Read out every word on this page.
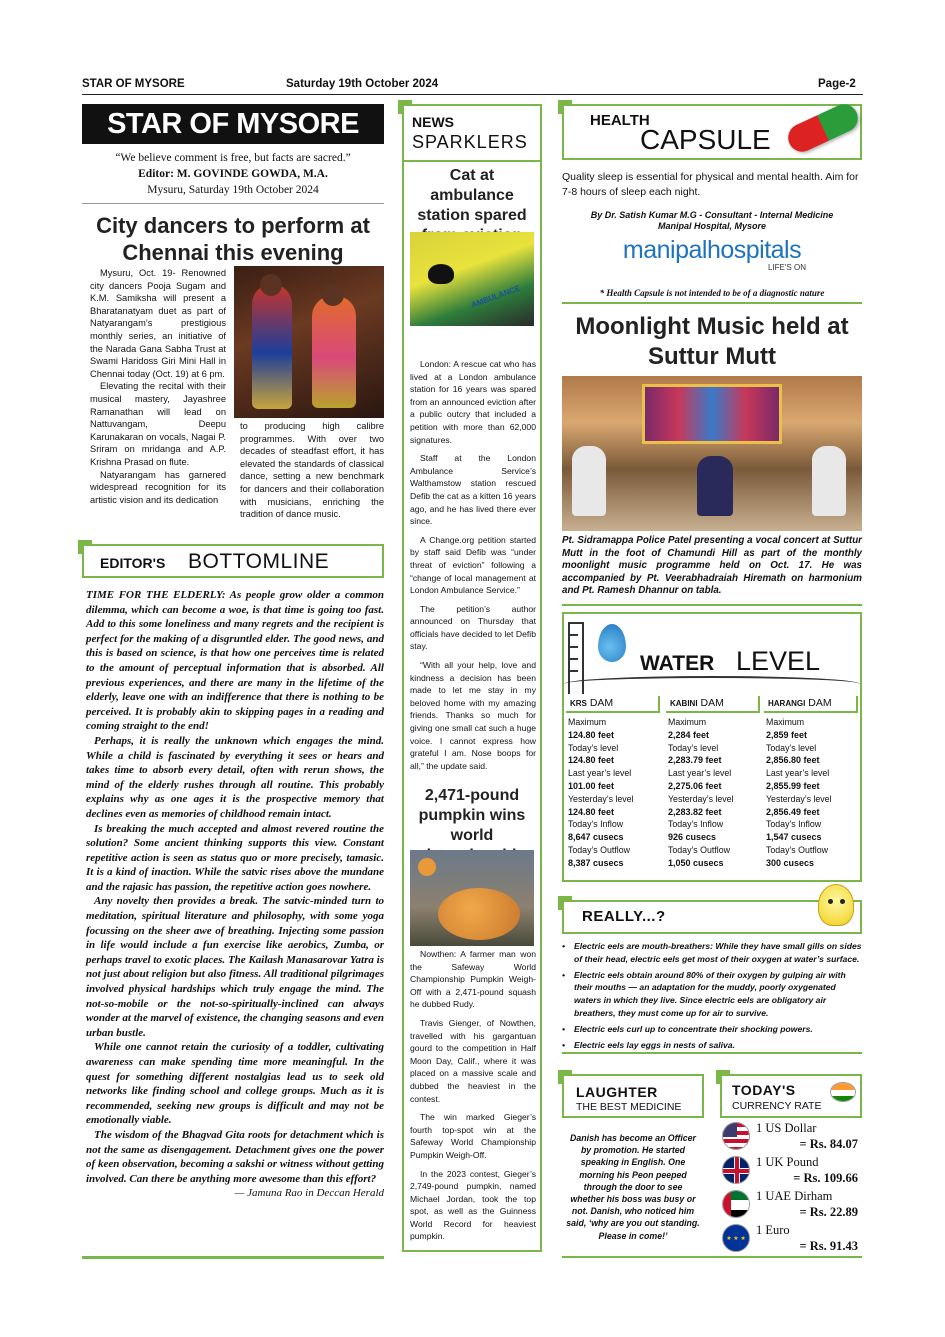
STAR OF MYSORE	Saturday 19th October 2024	Page-2
STAR OF MYSORE
“We believe comment is free, but facts are sacred.”
Editor: M. GOVINDE GOWDA, M.A.
Mysuru, Saturday 19th October 2024
City dancers to perform at Chennai this evening

Mysuru, Oct. 19- Renowned city dancers Pooja Sugam and K.M. Samiksha will present a Bharatanatyam duet as part of Natyarangam’s prestigious monthly series, an initiative of the Narada Gana Sabha Trust at Swami Haridoss Giri Mini Hall in Chennai today (Oct. 19) at 6 pm.

Elevating the recital with their musical mastery, Jayashree Ramanathan will lead on Nattuvangam, Deepu Karunakaran on vocals, Nagai P. Sriram on mridanga and A.P. Krishna Prasad on flute.

Natyarangam has garnered widespread recognition for its artistic vision and its dedication

to producing high calibre programmes. With over two decades of steadfast effort, it has elevated the standards of classical dance, setting a new benchmark for dancers and their collaboration with musicians, enriching the tradition of dance music.
EDITOR'S BOTTOMLINE

TIME FOR THE ELDERLY: As people grow older a common dilemma, which can become a woe, is that time is going too fast. Add to this some loneliness and many regrets and the recipient is perfect for the making of a disgruntled elder. The good news, and this is based on science, is that how one perceives time is related to the amount of perceptual information that is absorbed. All previous experiences, and there are many in the lifetime of the elderly, leave one with an indifference that there is nothing to be perceived. It is probably akin to skipping pages in a reading and coming straight to the end!

Perhaps, it is really the unknown which engages the mind. While a child is fascinated by everything it sees or hears and takes time to absorb every detail, often with rerun shows, the mind of the elderly rushes through all routine. This probably explains why as one ages it is the prospective memory that declines even as memories of childhood remain intact.

Is breaking the much accepted and almost revered routine the solution? Some ancient thinking supports this view. Constant repetitive action is seen as status quo or more precisely, tamasic. It is a kind of inaction. While the satvic rises above the mundane and the rajasic has passion, the repetitive action goes nowhere.

Any novelty then provides a break. The satvic-minded turn to meditation, spiritual literature and philosophy, with some yoga focussing on the sheer awe of breathing. Injecting some passion in life would include a fun exercise like aerobics, Zumba, or perhaps travel to exotic places. The Kailash Manasarovar Yatra is not just about religion but also fitness. All traditional pilgrimages involved physical hardships which truly engage the mind. The not-so-mobile or the not-so-spiritually-inclined can always wonder at the marvel of existence, the changing seasons and even urban bustle.

While one cannot retain the curiosity of a toddler, cultivating awareness can make spending time more meaningful. In the quest for something different nostalgias lead us to seek old networks like finding school and college groups. Much as it is recommended, seeking new groups is difficult and may not be emotionally viable.

The wisdom of the Bhagvad Gita roots for detachment which is not the same as disengagement. Detachment gives one the power of keen observation, becoming a sakshi or witness without getting involved. Can there be anything more awesome than this effort?

— Jamuna Rao in Deccan Herald
NEWS
SPARKLERS
Cat at ambulance station spared
AMBULANCE

London: A rescue cat who has lived at a London ambulance station for 16 years was spared from an announced eviction after a public outcry that included a petition with more than 62,000 signatures.

Staff at the London Ambulance Service’s Walthamstow station rescued Defib the cat as a kitten 16 years ago, and he has lived there ever since.

A Change.org petition started by staff said Defib was “under threat of eviction” following a “change of local management at London Ambulance Service.”

The petition’s author announced on Thursday that officials have decided to let Defib stay.

“With all your help, love and kindness a decision has been made to let me stay in my beloved home with my amazing friends. Thanks so much for giving one small cat such a huge voice. I cannot express how grateful I am. Nose boops for all,” the update said.

2,471-pound pumpkin wins world

Nowthen: A farmer man won the Safeway World Championship Pumpkin Weigh-Off with a 2,471-pound squash he dubbed Rudy.

Travis Gienger, of Nowthen, travelled with his gargantuan gourd to the competition in Half Moon Day, Calif., where it was placed on a massive scale and dubbed the heaviest in the contest.

The win marked Gieger’s fourth top-spot win at the Safeway World Championship Pumpkin Weigh-Off.

In the 2023 contest, Gieger’s 2,749-pound pumpkin, named Michael Jordan, took the top spot, as well as the Guinness World Record for heaviest pumpkin.

HEALTH
CAPSULE
Quality sleep is essential for physical and mental health. Aim for 7-8 hours of sleep each night.
By Dr. Satish Kumar M.G - Consultant - Internal Medicine
Manipal Hospital, Mysore
manipalhospitals
LIFE'S ON
* Health Capsule is not intended to be of a diagnostic nature
Moonlight Music held at Suttur Mutt
Pt. Sidramappa Police Patel presenting a vocal concert at Suttur Mutt in the foot of Chamundi Hill as part of the monthly moonlight music programme held on Oct. 17. He was accompanied by Pt. Veerabhadraiah Hiremath on harmonium and Pt. Ramesh Dhannur on tabla.
WATER LEVEL
KRS DAM
Maximum
124.80 feet
Today’s level
124.80 feet
Last year’s level
101.00 feet
Yesterday’s level
124.80 feet
Today’s Inflow
8,647 cusecs
Today’s Outflow
8,387 cusecs
KABINI DAM
Maximum
2,284 feet
Today’s level
2,283.79 feet
Last year’s level
2,275.06 feet
Yesterday’s level
2,283.82 feet
Today’s Inflow
926 cusecs
Today’s Outflow
1,050 cusecs
HARANGI DAM
Maximum
2,859 feet
Today’s level
2,856.80 feet
Last year’s level
2,855.99 feet
Yesterday’s level
2,856.49 feet
Today’s Inflow
1,547 cusecs
Today’s Outflow
300 cusecs
REALLY...?
• Electric eels are mouth-breathers: While they have small gills on sides of their head, electric eels get most of their oxygen at water’s surface.
• Electric eels obtain around 80% of their oxygen by gulping air with their mouths — an adaptation for the muddy, poorly oxygenated waters in which they live. Since electric eels are obligatory air breathers, they must come up for air to survive.
• Electric eels curl up to concentrate their shocking powers.
• Electric eels lay eggs in nests of saliva.
LAUGHTER
THE BEST MEDICINE
Danish has become an Officer by promotion. He started speaking in English. One morning his Peon peeped through the door to see whether his boss was busy or not. Danish, who noticed him said, ‘why are you out standing. Please in come!’
TODAY'S
CURRENCY RATE
1 US Dollar
= Rs. 84.07
1 UK Pound
= Rs. 109.66
1 UAE Dirham
= Rs. 22.89
★ ★ ★
1 Euro
= Rs. 91.43
